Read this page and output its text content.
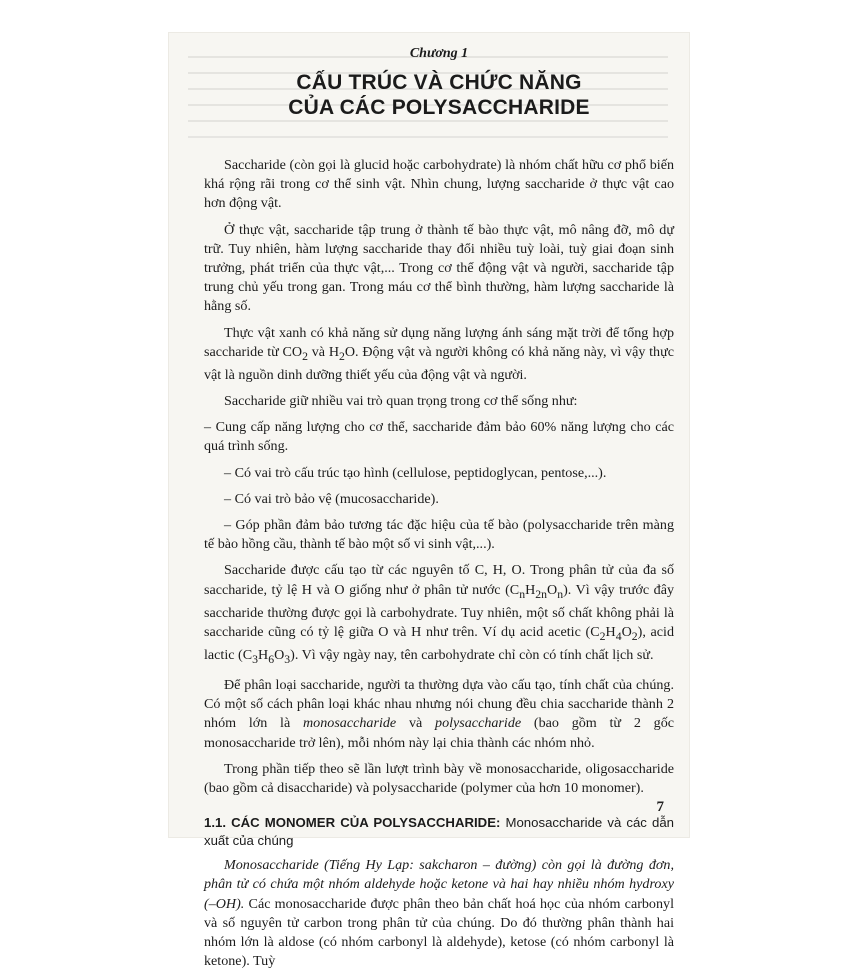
Chương 1
CẤU TRÚC VÀ CHỨC NĂNG
CỦA CÁC POLYSACCHARIDE

Saccharide (còn gọi là glucid hoặc carbohydrate) là nhóm chất hữu cơ phổ biến khá rộng rãi trong cơ thể sinh vật. Nhìn chung, lượng saccharide ở thực vật cao hơn động vật.

Ở thực vật, saccharide tập trung ở thành tế bào thực vật, mô nâng đỡ, mô dự trữ. Tuy nhiên, hàm lượng saccharide thay đổi nhiều tuỳ loài, tuỳ giai đoạn sinh trưởng, phát triển của thực vật,... Trong cơ thể động vật và người, saccharide tập trung chủ yếu trong gan. Trong máu cơ thể bình thường, hàm lượng saccharide là hằng số.

Thực vật xanh có khả năng sử dụng năng lượng ánh sáng mặt trời để tổng hợp saccharide từ $CO_2$ và $H_2O$. Động vật và người không có khả năng này, vì vậy thực vật là nguồn dinh dưỡng thiết yếu của động vật và người.

Saccharide giữ nhiều vai trò quan trọng trong cơ thể sống như:

– Cung cấp năng lượng cho cơ thể, saccharide đảm bảo 60% năng lượng cho các quá trình sống.

– Có vai trò cấu trúc tạo hình (cellulose, peptidoglycan, pentose,...).

– Có vai trò bảo vệ (mucosaccharide).

– Góp phần đảm bảo tương tác đặc hiệu của tế bào (polysaccharide trên màng tế bào hồng cầu, thành tế bào một số vi sinh vật,...).

Saccharide được cấu tạo từ các nguyên tố C, H, O. Trong phân tử của đa số saccharide, tỷ lệ H và O giống như ở phân tử nước $(C_nH_{2n}O_n)$. Vì vậy trước đây saccharide thường được gọi là carbohydrate. Tuy nhiên, một số chất không phải là saccharide cũng có tỷ lệ giữa O và H như trên. Ví dụ acid acetic $(C_2H_4O_2)$, acid lactic $(C_3H_6O_3)$. Vì vậy ngày nay, tên carbohydrate chỉ còn có tính chất lịch sử.

Để phân loại saccharide, người ta thường dựa vào cấu tạo, tính chất của chúng. Có một số cách phân loại khác nhau nhưng nói chung đều chia saccharide thành 2 nhóm lớn là monosaccharide và polysaccharide (bao gồm từ 2 gốc monosaccharide trở lên), mỗi nhóm này lại chia thành các nhóm nhỏ.

Trong phần tiếp theo sẽ lần lượt trình bày về monosaccharide, oligosaccharide (bao gồm cả disaccharide) và polysaccharide (polymer của hơn 10 monomer).

1.1. CÁC MONOMER CỦA POLYSACCHARIDE: Monosaccharide và các dẫn xuất của chúng

Monosaccharide (Tiếng Hy Lạp: sakcharon – đường) còn gọi là đường đơn, phân tử có chứa một nhóm aldehyde hoặc ketone và hai hay nhiều nhóm hydroxy (–OH). Các monosaccharide được phân theo bản chất hoá học của nhóm carbonyl và số nguyên tử carbon trong phân tử của chúng. Do đó thường phân thành hai nhóm lớn là aldose (có nhóm carbonyl là aldehyde), ketose (có nhóm carbonyl là ketone). Tuỳ

7
